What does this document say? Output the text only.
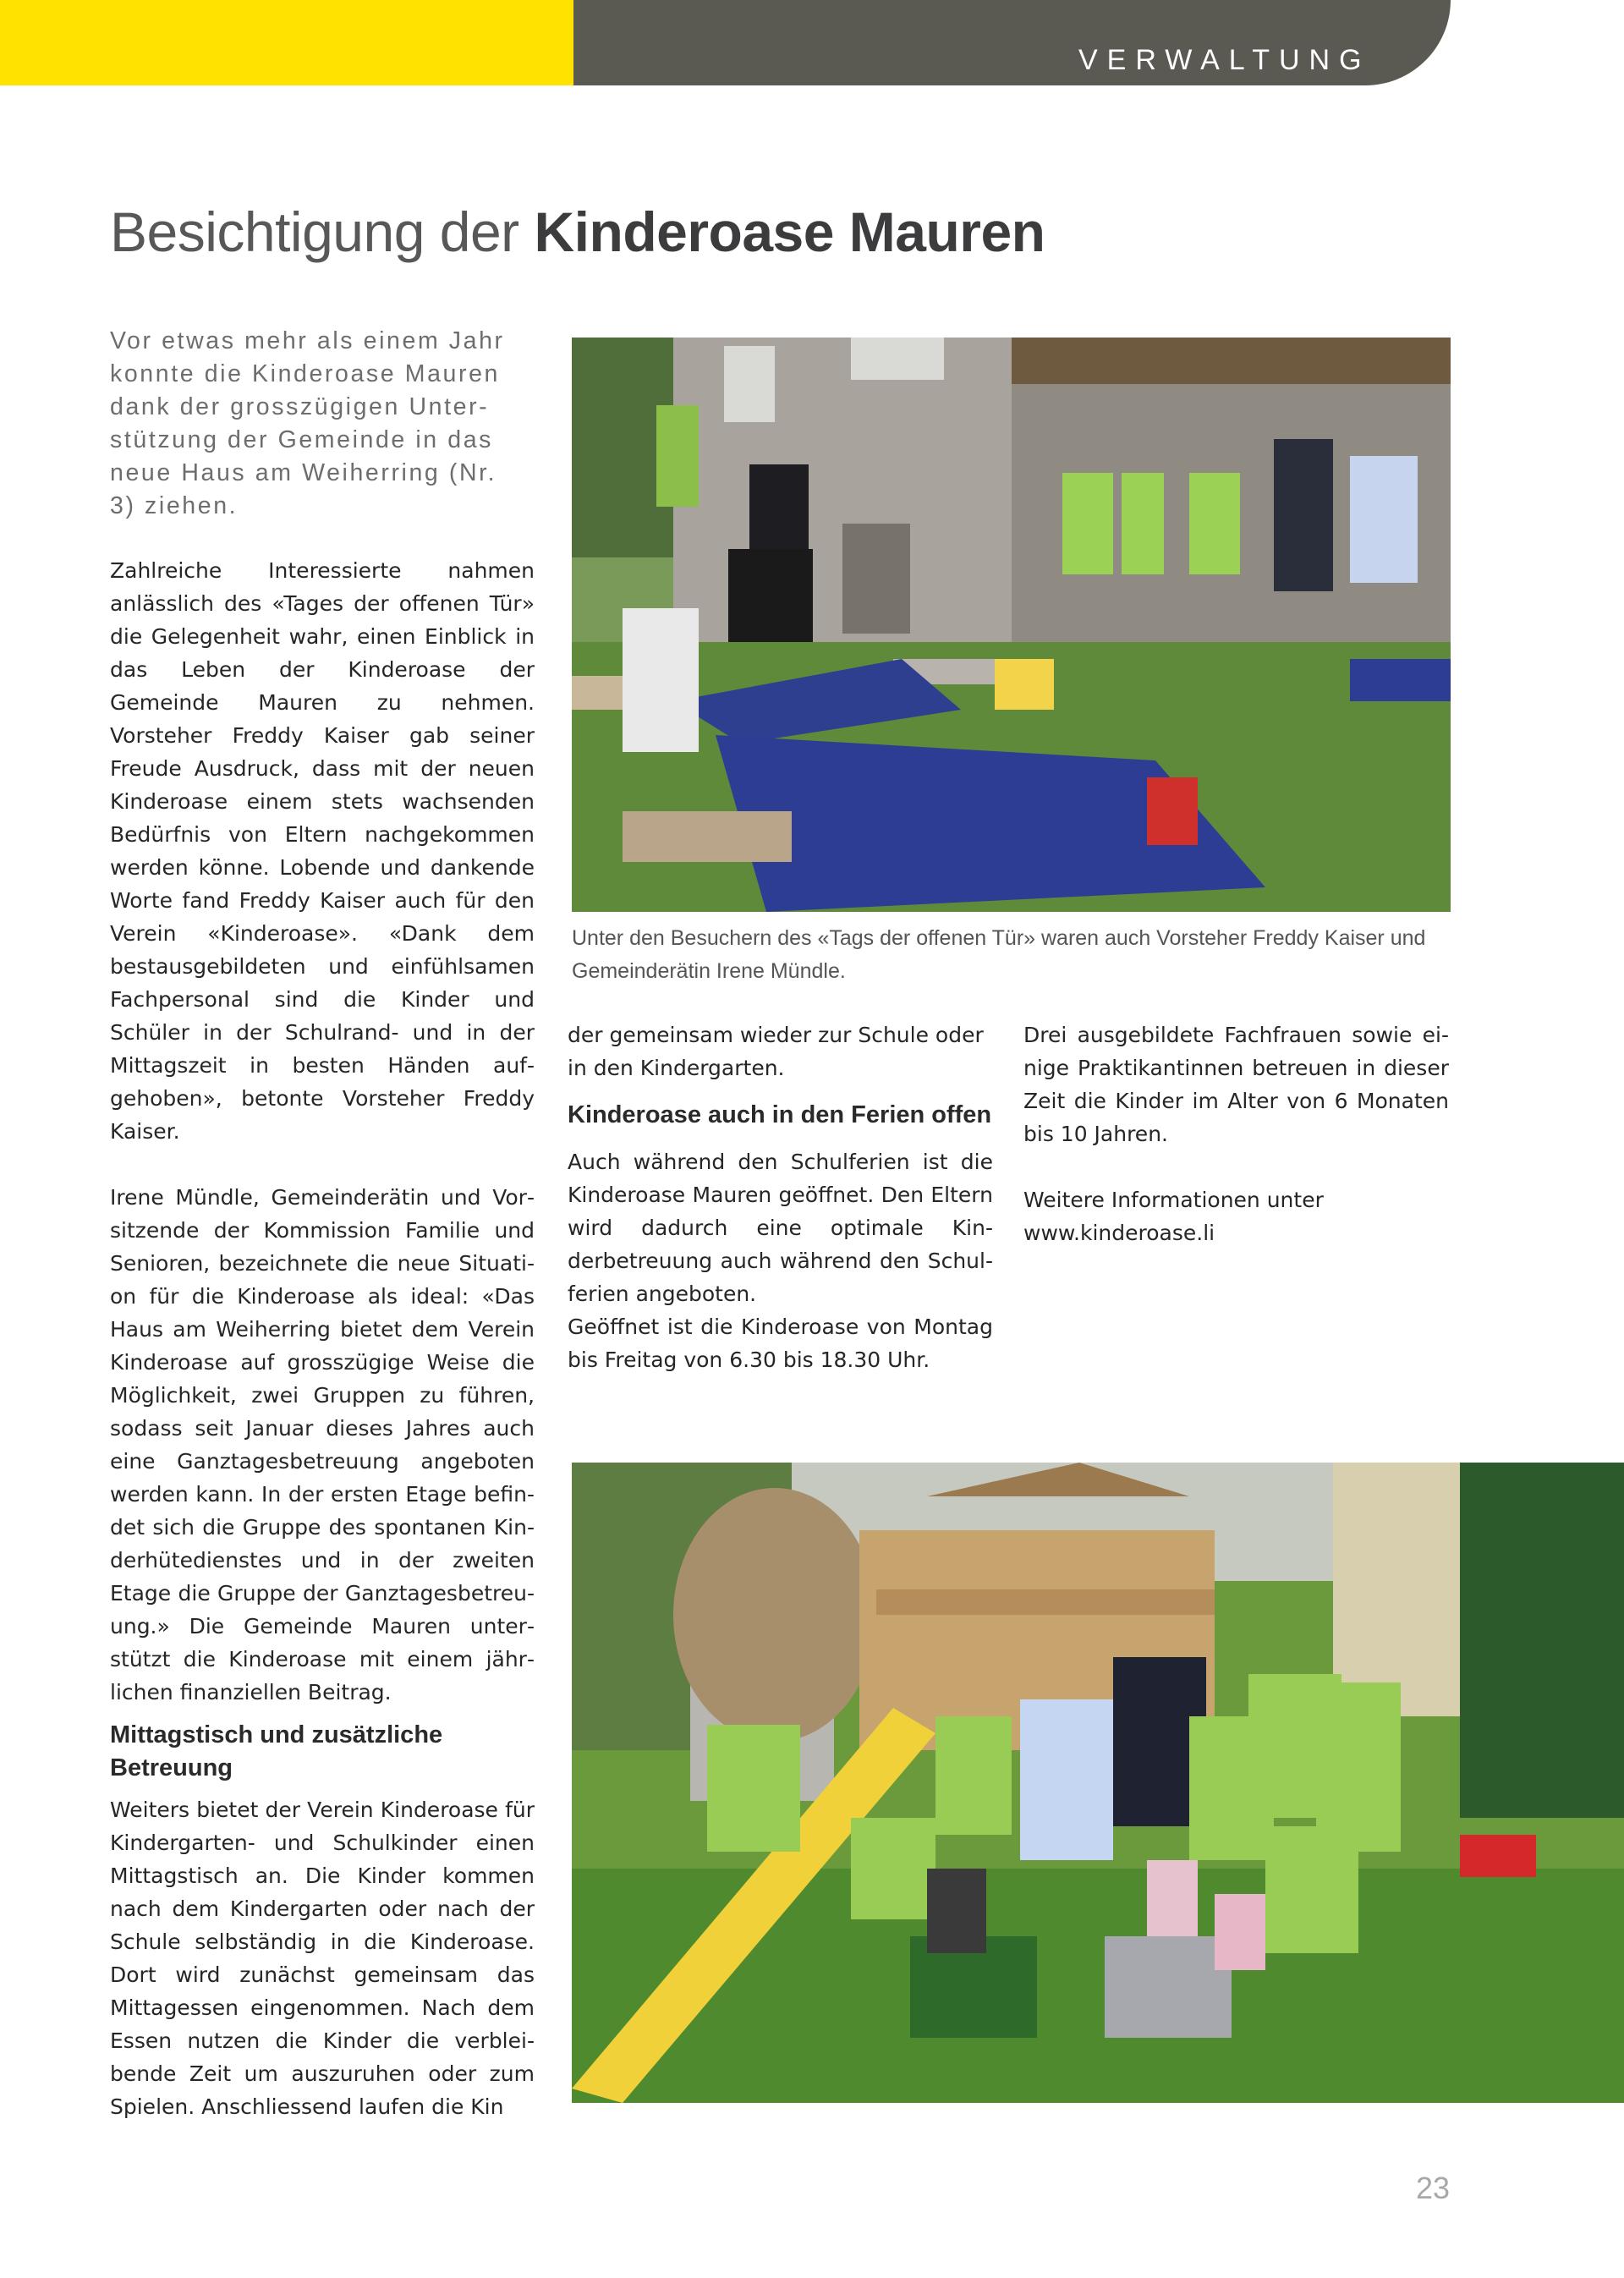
VERWALTUNG
Besichtigung der Kinderoase Mauren

Vor etwas mehr als einem Jahr konnte die Kinderoase Mauren dank der grosszügigen Unterstützung der Gemeinde in das neue Haus am Weiherring (Nr. 3) ziehen.

Zahlreiche Interessierte nahmen anlässlich des «Tages der offenen Tür» die Gelegenheit wahr, einen Einblick in das Leben der Kinderoase der Gemeinde Mauren zu nehmen. Vorsteher Freddy Kaiser gab seiner Freude Ausdruck, dass mit der neuen Kinderoase einem stets wachsenden Bedürfnis von Eltern nachgekommen werden könne. Lobende und dankende Worte fand Freddy Kaiser auch für den Verein «Kinderoase». «Dank dem bestausgebildeten und einfühlsamen Fachpersonal sind die Kinder und Schüler in der Schulrand- und in der Mittagszeit in besten Händen aufgehoben», betonte Vorsteher Freddy Kaiser.

Irene Mündle, Gemeinderätin und Vorsitzende der Kommission Familie und Senioren, bezeichnete die neue Situation für die Kinderoase als ideal: «Das Haus am Weiherring bietet dem Verein Kinderoase auf grosszügige Weise die Möglichkeit, zwei Gruppen zu führen, sodass seit Januar dieses Jahres auch eine Ganztagesbetreuung angeboten werden kann. In der ersten Etage befindet sich die Gruppe des spontanen Kinderhütedienstes und in der zweiten Etage die Gruppe der Ganztagesbetreuung.» Die Gemeinde Mauren unterstützt die Kinderoase mit einem jährlichen finanziellen Beitrag.

Mittagstisch und zusätzliche Betreuung

Weiters bietet der Verein Kinderoase für Kindergarten- und Schulkinder einen Mittagstisch an. Die Kinder kommen nach dem Kindergarten oder nach der Schule selbständig in die Kinderoase. Dort wird zunächst gemeinsam das Mittagessen eingenommen. Nach dem Essen nutzen die Kinder die verbleibende Zeit um auszuruhen oder zum Spielen. Anschliessend laufen die Kin

der gemeinsam wieder zur Schule oder in den Kindergarten.

Kinderoase auch in den Ferien offen

Auch während den Schulferien ist die Kinderoase Mauren geöffnet. Den Eltern wird dadurch eine optimale Kinderbetreuung auch während den Schulferien angeboten.

Geöffnet ist die Kinderoase von Montag bis Freitag von 6.30 bis 18.30 Uhr.

Drei ausgebildete Fachfrauen sowie einige Praktikantinnen betreuen in dieser Zeit die Kinder im Alter von 6 Monaten bis 10 Jahren.

Weitere Informationen unter www.kinderoase.li

Unter den Besuchern des «Tags der offenen Tür» waren auch Vorsteher Freddy Kaiser und Gemeinderätin Irene Mündle.

23
